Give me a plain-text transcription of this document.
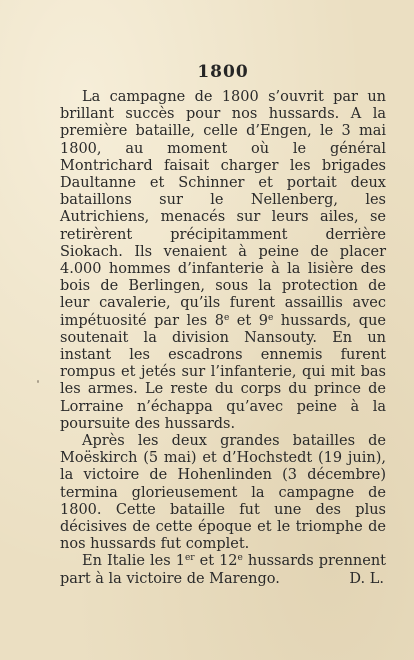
1800

La campagne de 1800 s’ouvrit par un brillant succès pour nos hussards. A la première bataille, celle d’Engen, le 3 mai 1800, au moment où le général Montrichard faisait charger les brigades Daultanne et Schinner et portait deux bataillons sur le Nellenberg, les Autrichiens, menacés sur leurs ailes, se retirèrent précipitamment derrière Siokach. Ils venaient à peine de placer 4.000 hommes d’infanterie à la lisière des bois de Berlingen, sous la protection de leur cavalerie, qu’ils furent assaillis avec impétuosité par les 8e et 9e hussards, que soutenait la division Nansouty. En un instant les escadrons ennemis furent rompus et jetés sur l’infanterie, qui mit bas les armes. Le reste du corps du prince de Lorraine n’échappa qu’avec peine à la poursuite des hussards.

Après les deux grandes batailles de Moëskirch (5 mai) et d’Hochstedt (19 juin), la victoire de Hohenlinden (3 décembre) termina glorieusement la campagne de 1800. Cette bataille fut une des plus décisives de cette époque et le triomphe de nos hussards fut complet.

En Italie les 1er et 12e hussards prennent part à la victoire de Marengo.	D. L.
